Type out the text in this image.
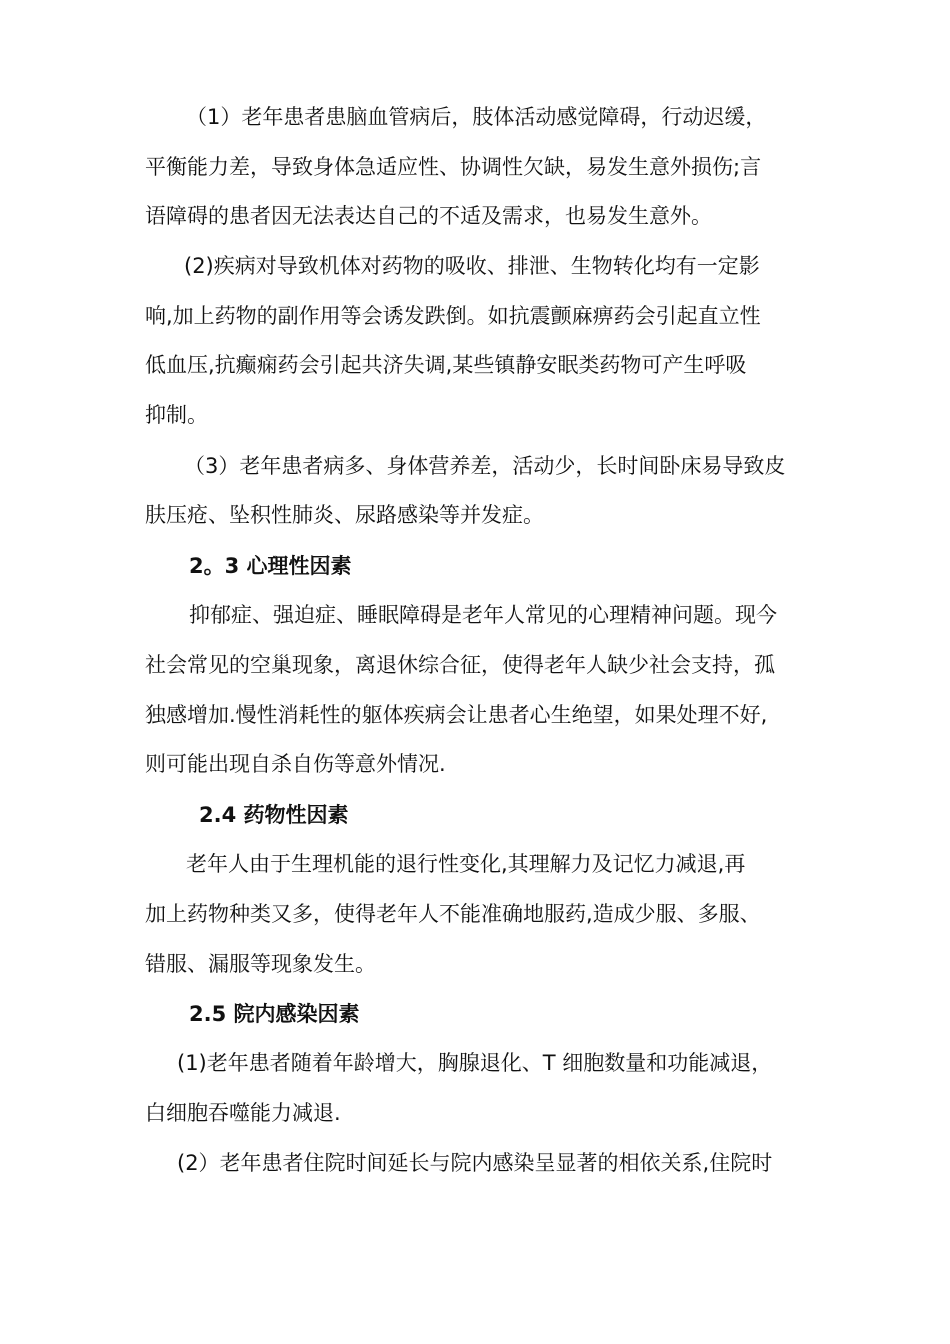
（1）老年患者患脑血管病后，肢体活动感觉障碍，行动迟缓，
平衡能力差，导致身体急适应性、协调性欠缺，易发生意外损伤;言
语障碍的患者因无法表达自己的不适及需求，也易发生意外。
(2)疾病对导致机体对药物的吸收、排泄、生物转化均有一定影
响,加上药物的副作用等会诱发跌倒。如抗震颤麻痹药会引起直立性
低血压,抗癫痫药会引起共济失调,某些镇静安眠类药物可产生呼吸
抑制。
（3）老年患者病多、身体营养差，活动少，长时间卧床易导致皮
肤压疮、坠积性肺炎、尿路感染等并发症。
2。3 心理性因素
抑郁症、强迫症、睡眠障碍是老年人常见的心理精神问题。现今
社会常见的空巢现象，离退休综合征，使得老年人缺少社会支持，孤
独感增加.慢性消耗性的躯体疾病会让患者心生绝望，如果处理不好,
则可能出现自杀自伤等意外情况.
2.4 药物性因素
老年人由于生理机能的退行性变化,其理解力及记忆力减退,再
加上药物种类又多，使得老年人不能准确地服药,造成少服、多服、
错服、漏服等现象发生。
2.5 院内感染因素
(1)老年患者随着年龄增大，胸腺退化、T 细胞数量和功能减退，
白细胞吞噬能力减退.
(2）老年患者住院时间延长与院内感染呈显著的相依关系,住院时
